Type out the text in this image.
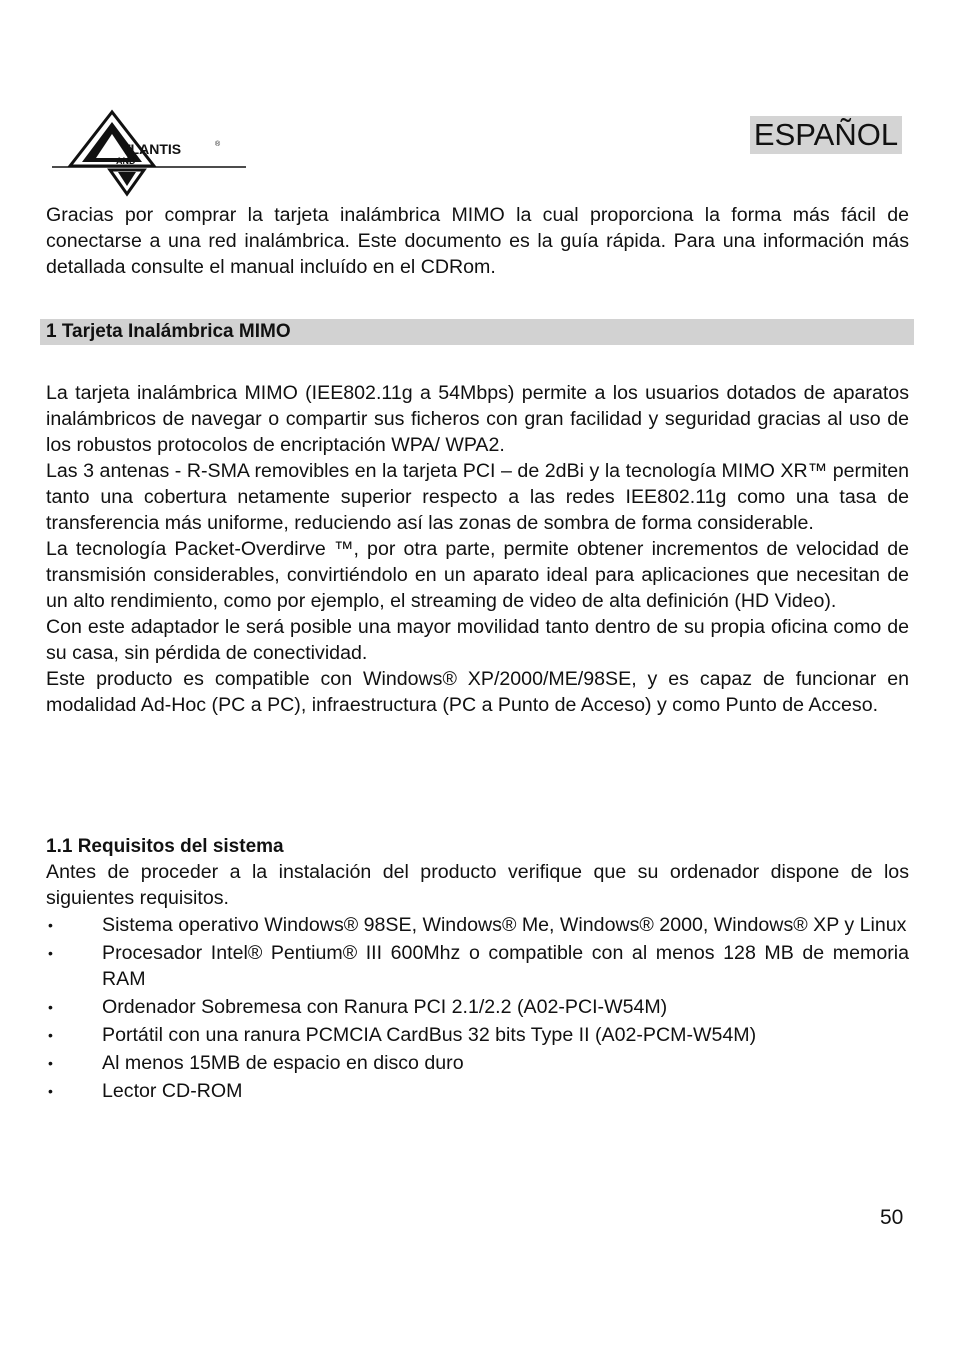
TLANTIS	®
AND
ESPAÑOL

Gracias por comprar la tarjeta inalámbrica MIMO la cual proporciona la forma más fácil de conectarse a una red inalámbrica. Este documento es la guía rápida. Para una información más detallada consulte el manual incluído en el CDRom.

1 Tarjeta Inalámbrica MIMO

La tarjeta inalámbrica MIMO (IEE802.11g a 54Mbps) permite a los usuarios dotados de aparatos inalámbricos de navegar o compartir sus ficheros con gran facilidad y seguridad gracias al uso de los robustos protocolos de encriptación WPA/ WPA2.

Las 3 antenas - R-SMA removibles en la tarjeta PCI – de 2dBi y la tecnología MIMO XR™ permiten tanto una cobertura netamente superior respecto a las redes IEE802.11g como una tasa de transferencia más uniforme, reduciendo así las zonas de sombra de forma considerable.

La tecnología Packet-Overdirve ™, por otra parte, permite obtener incrementos de velocidad de transmisión considerables, convirtiéndolo en un aparato ideal para aplicaciones que necesitan de un alto rendimiento, como por ejemplo, el streaming de video de alta definición (HD Video).

Con este adaptador le será posible una mayor movilidad tanto dentro de su propia oficina como de su casa, sin pérdida de conectividad.

Este producto es compatible con Windows® XP/2000/ME/98SE, y es capaz de funcionar en modalidad Ad-Hoc (PC a PC), infraestructura (PC a Punto de Acceso) y como Punto de Acceso.

1.1 Requisitos del sistema

Antes de proceder a la instalación del producto verifique que su ordenador dispone de los siguientes requisitos.

•	Sistema operativo Windows® 98SE, Windows® Me, Windows® 2000, Windows® XP y Linux
•	Procesador Intel® Pentium® III 600Mhz o compatible con al menos 128 MB de memoria RAM
•	Ordenador Sobremesa con Ranura PCI 2.1/2.2 (A02-PCI-W54M)
•	Portátil con una ranura PCMCIA CardBus 32 bits Type II (A02-PCM-W54M)
•	Al menos 15MB de espacio en disco duro
•	Lector CD-ROM
50
